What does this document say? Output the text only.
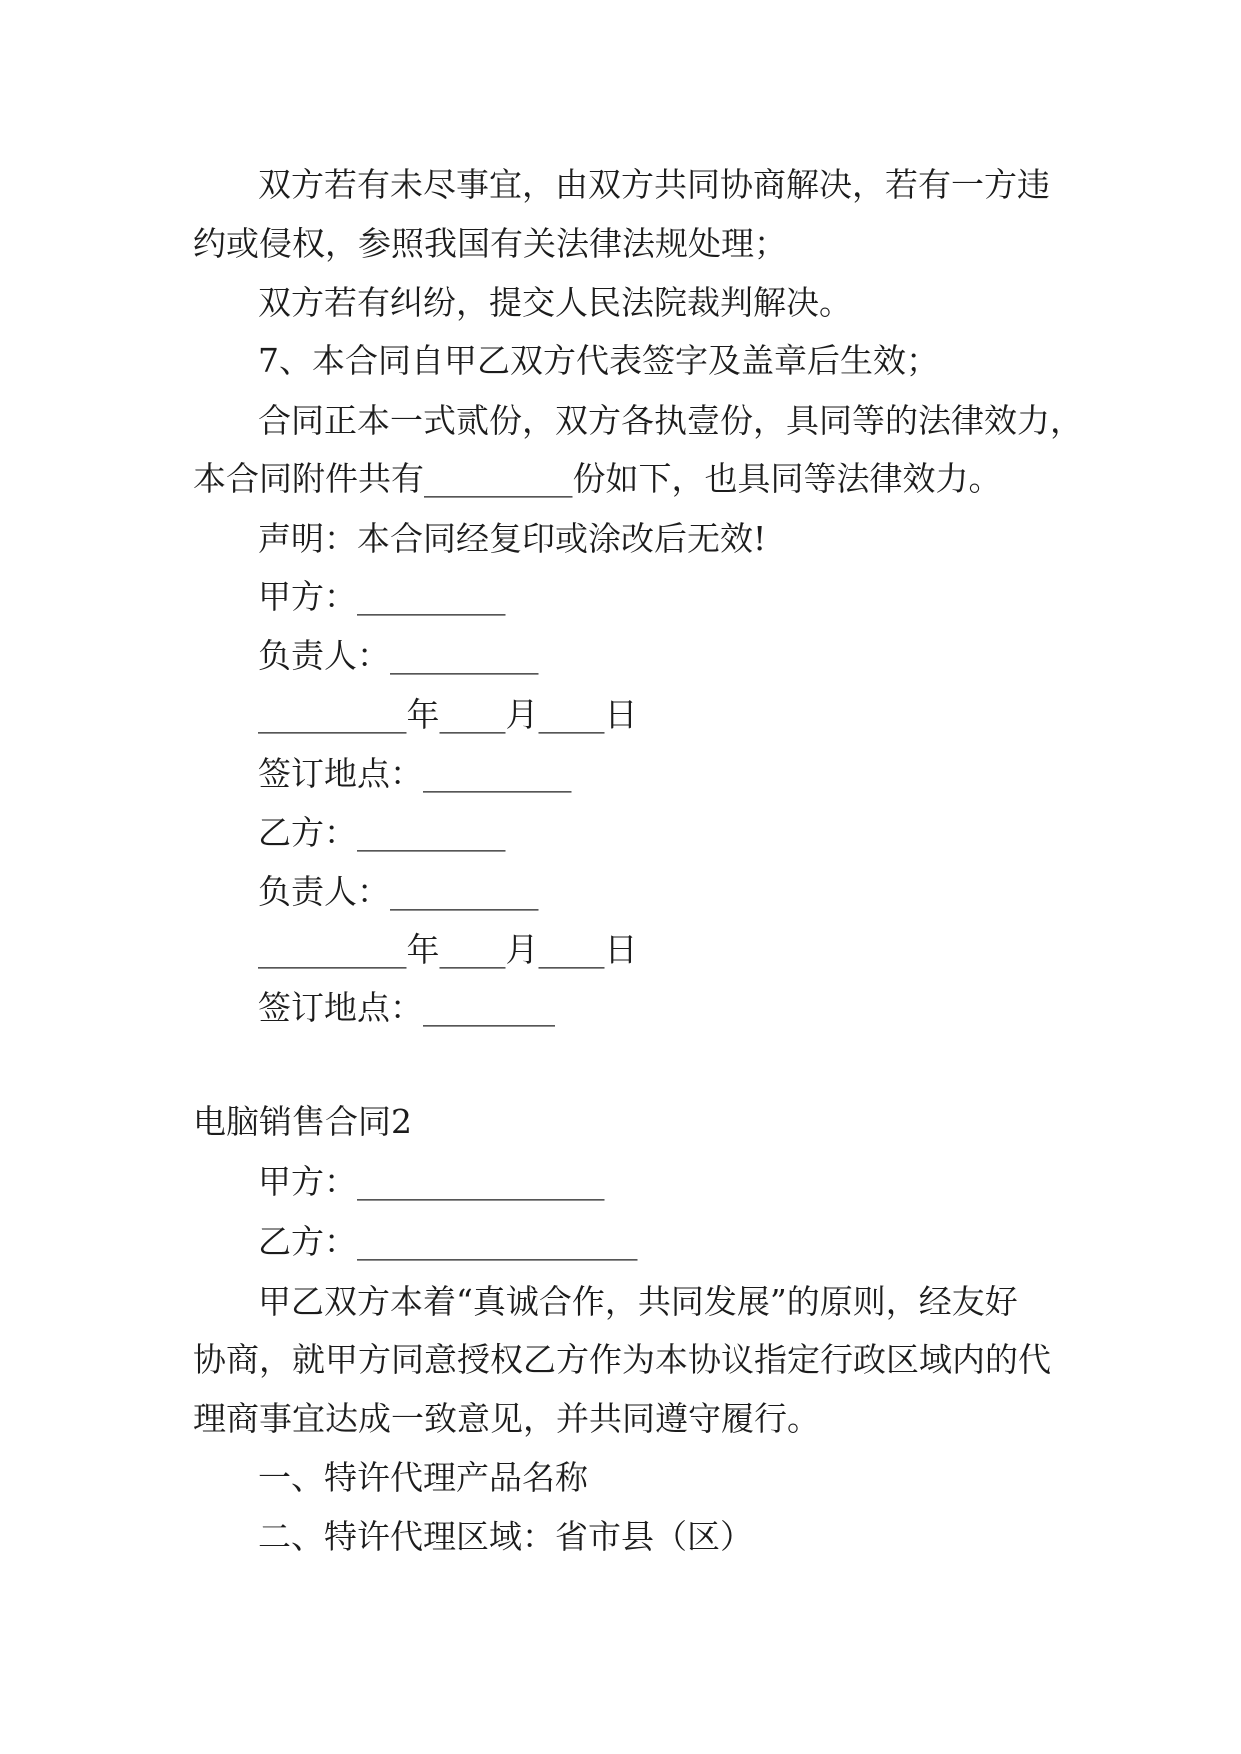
双方若有未尽事宜，由双方共同协商解决，若有一方违
约或侵权，参照我国有关法律法规处理；
双方若有纠纷，提交人民法院裁判解决。
7、本合同自甲乙双方代表签字及盖章后生效；
合同正本一式贰份，双方各执壹份，具同等的法律效力，
本合同附件共有_________份如下，也具同等法律效力。
声明：本合同经复印或涂改后无效!
甲方：_________
负责人：_________
_________年____月____日
签订地点：_________
乙方：_________
负责人：_________
_________年____月____日
签订地点：________
电脑销售合同2
甲方：_______________
乙方：_________________
甲乙双方本着“真诚合作，共同发展”的原则，经友好
协商，就甲方同意授权乙方作为本协议指定行政区域内的代
理商事宜达成一致意见，并共同遵守履行。
一、特许代理产品名称
二、特许代理区域：省市县（区）
